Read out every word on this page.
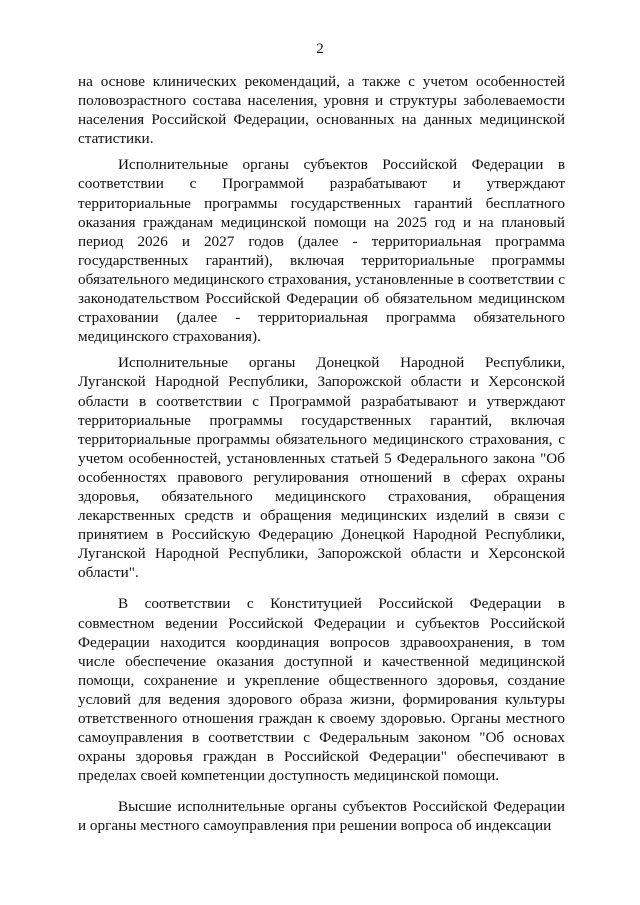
2

на основе клинических рекомендаций, а также с учетом особенностей половозрастного состава населения, уровня и структуры заболеваемости населения Российской Федерации, основанных на данных медицинской статистики.

Исполнительные органы субъектов Российской Федерации в соответствии с Программой разрабатывают и утверждают территориальные программы государственных гарантий бесплатного оказания гражданам медицинской помощи на 2025 год и на плановый период 2026 и 2027 годов (далее - территориальная программа государственных гарантий), включая территориальные программы обязательного медицинского страхования, установленные в соответствии с законодательством Российской Федерации об обязательном медицинском страховании (далее - территориальная программа обязательного медицинского страхования).

Исполнительные органы Донецкой Народной Республики, Луганской Народной Республики, Запорожской области и Херсонской области в соответствии с Программой разрабатывают и утверждают территориальные программы государственных гарантий, включая территориальные программы обязательного медицинского страхования, с учетом особенностей, установленных статьей 5 Федерального закона "Об особенностях правового регулирования отношений в сферах охраны здоровья, обязательного медицинского страхования, обращения лекарственных средств и обращения медицинских изделий в связи с принятием в Российскую Федерацию Донецкой Народной Республики, Луганской Народной Республики, Запорожской области и Херсонской области".

В соответствии с Конституцией Российской Федерации в совместном ведении Российской Федерации и субъектов Российской Федерации находится координация вопросов здравоохранения, в том числе обеспечение оказания доступной и качественной медицинской помощи, сохранение и укрепление общественного здоровья, создание условий для ведения здорового образа жизни, формирования культуры ответственного отношения граждан к своему здоровью. Органы местного самоуправления в соответствии с Федеральным законом "Об основах охраны здоровья граждан в Российской Федерации" обеспечивают в пределах своей компетенции доступность медицинской помощи.

Высшие исполнительные органы субъектов Российской Федерации и органы местного самоуправления при решении вопроса об индексации
